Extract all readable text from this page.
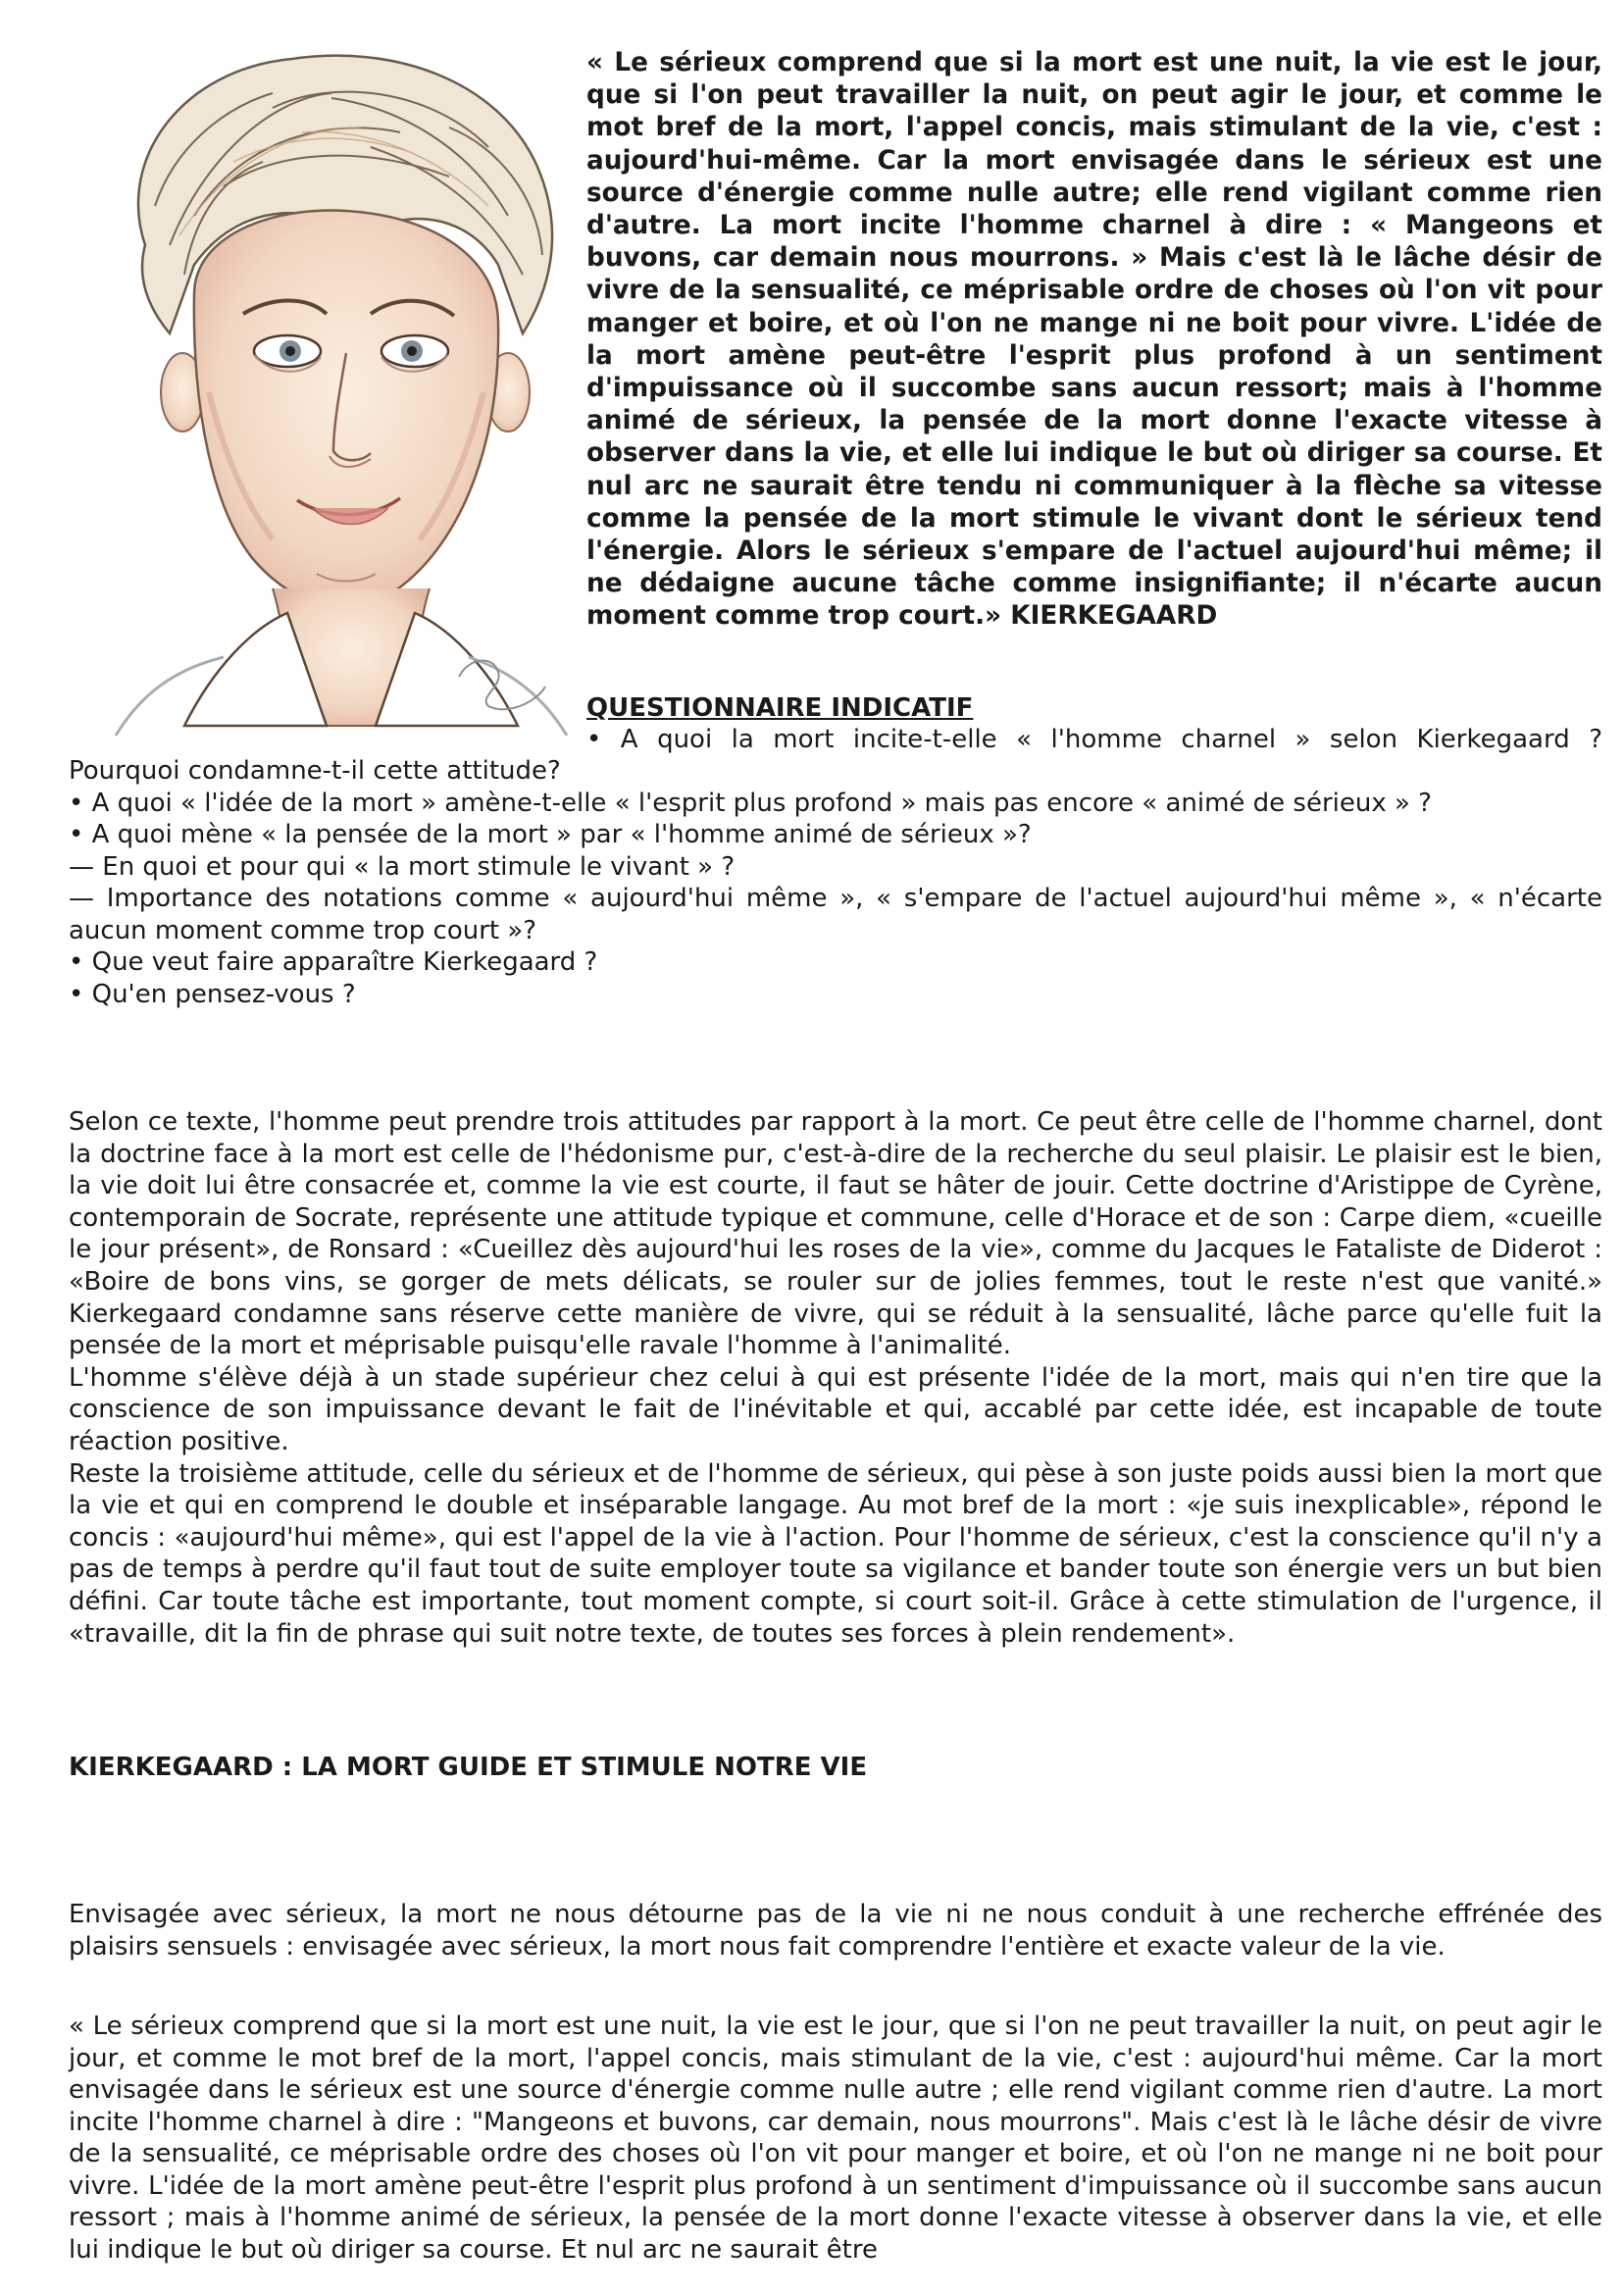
« Le sérieux comprend que si la mort est une nuit, la vie est le jour, que si l'on peut travailler la nuit, on peut agir le jour, et comme le mot bref de la mort, l'appel concis, mais stimulant de la vie, c'est : aujourd'hui-même. Car la mort envisagée dans le sérieux est une source d'énergie comme nulle autre; elle rend vigilant comme rien d'autre. La mort incite l'homme charnel à dire : « Mangeons et buvons, car demain nous mourrons. » Mais c'est là le lâche désir de vivre de la sensualité, ce méprisable ordre de choses où l'on vit pour manger et boire, et où l'on ne mange ni ne boit pour vivre. L'idée de la mort amène peut-être l'esprit plus profond à un sentiment d'impuissance où il succombe sans aucun ressort; mais à l'homme animé de sérieux, la pensée de la mort donne l'exacte vitesse à observer dans la vie, et elle lui indique le but où diriger sa course. Et nul arc ne saurait être tendu ni communiquer à la flèche sa vitesse comme la pensée de la mort stimule le vivant dont le sérieux tend l'énergie. Alors le sérieux s'empare de l'actuel aujourd'hui même; il ne dédaigne aucune tâche comme insignifiante; il n'écarte aucun moment comme trop court.» KIERKEGAARD
QUESTIONNAIRE INDICATIF
• A quoi la mort incite-t-elle « l'homme charnel » selon Kierkegaard ?
Pourquoi condamne-t-il cette attitude?
• A quoi « l'idée de la mort » amène-t-elle « l'esprit plus profond » mais pas encore « animé de sérieux » ?
• A quoi mène « la pensée de la mort » par « l'homme animé de sérieux »?
— En quoi et pour qui « la mort stimule le vivant » ?
— Importance des notations comme « aujourd'hui même », « s'empare de l'actuel aujourd'hui même », « n'écarte aucun moment comme trop court »?
• Que veut faire apparaître Kierkegaard ?
• Qu'en pensez-vous ?

Selon ce texte, l'homme peut prendre trois attitudes par rapport à la mort. Ce peut être celle de l'homme charnel, dont la doctrine face à la mort est celle de l'hédonisme pur, c'est-à-dire de la recherche du seul plaisir. Le plaisir est le bien, la vie doit lui être consacrée et, comme la vie est courte, il faut se hâter de jouir. Cette doctrine d'Aristippe de Cyrène, contemporain de Socrate, représente une attitude typique et commune, celle d'Horace et de son : Carpe diem, «cueille le jour présent», de Ronsard : «Cueillez dès aujourd'hui les roses de la vie», comme du Jacques le Fataliste de Diderot : «Boire de bons vins, se gorger de mets délicats, se rouler sur de jolies femmes, tout le reste n'est que vanité.» Kierkegaard condamne sans réserve cette manière de vivre, qui se réduit à la sensualité, lâche parce qu'elle fuit la pensée de la mort et méprisable puisqu'elle ravale l'homme à l'animalité.

L'homme s'élève déjà à un stade supérieur chez celui à qui est présente l'idée de la mort, mais qui n'en tire que la conscience de son impuissance devant le fait de l'inévitable et qui, accablé par cette idée, est incapable de toute réaction positive.

Reste la troisième attitude, celle du sérieux et de l'homme de sérieux, qui pèse à son juste poids aussi bien la mort que la vie et qui en comprend le double et inséparable langage. Au mot bref de la mort : «je suis inexplicable», répond le concis : «aujourd'hui même», qui est l'appel de la vie à l'action. Pour l'homme de sérieux, c'est la conscience qu'il n'y a pas de temps à perdre qu'il faut tout de suite employer toute sa vigilance et bander toute son énergie vers un but bien défini. Car toute tâche est importante, tout moment compte, si court soit-il. Grâce à cette stimulation de l'urgence, il «travaille, dit la fin de phrase qui suit notre texte, de toutes ses forces à plein rendement».

KIERKEGAARD : LA MORT GUIDE ET STIMULE NOTRE VIE

Envisagée avec sérieux, la mort ne nous détourne pas de la vie ni ne nous conduit à une recherche effrénée des plaisirs sensuels : envisagée avec sérieux, la mort nous fait comprendre l'entière et exacte valeur de la vie.

« Le sérieux comprend que si la mort est une nuit, la vie est le jour, que si l'on ne peut travailler la nuit, on peut agir le jour, et comme le mot bref de la mort, l'appel concis, mais stimulant de la vie, c'est : aujourd'hui même. Car la mort envisagée dans le sérieux est une source d'énergie comme nulle autre ; elle rend vigilant comme rien d'autre. La mort incite l'homme charnel à dire : "Mangeons et buvons, car demain, nous mourrons". Mais c'est là le lâche désir de vivre de la sensualité, ce méprisable ordre des choses où l'on vit pour manger et boire, et où l'on ne mange ni ne boit pour vivre. L'idée de la mort amène peut-être l'esprit plus profond à un sentiment d'impuissance où il succombe sans aucun ressort ; mais à l'homme animé de sérieux, la pensée de la mort donne l'exacte vitesse à observer dans la vie, et elle lui indique le but où diriger sa course. Et nul arc ne saurait être
